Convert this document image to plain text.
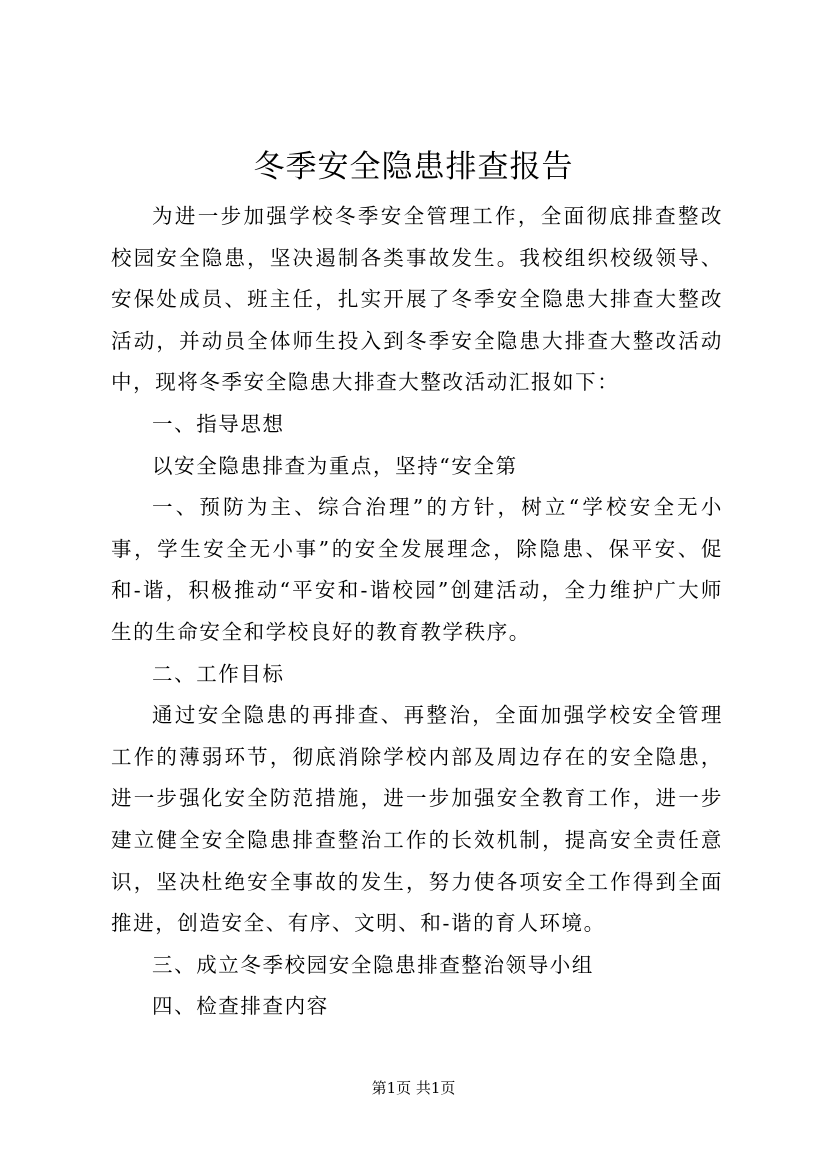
冬季安全隐患排查报告

为进一步加强学校冬季安全管理工作，全面彻底排查整改校园安全隐患，坚决遏制各类事故发生。我校组织校级领导、安保处成员、班主任，扎实开展了冬季安全隐患大排查大整改活动，并动员全体师生投入到冬季安全隐患大排查大整改活动中，现将冬季安全隐患大排查大整改活动汇报如下：

一、指导思想

以安全隐患排查为重点，坚持“安全第

一、预防为主、综合治理”的方针，树立“学校安全无小事，学生安全无小事”的安全发展理念，除隐患、保平安、促和-谐，积极推动“平安和-谐校园”创建活动，全力维护广大师生的生命安全和学校良好的教育教学秩序。

二、工作目标

通过安全隐患的再排查、再整治，全面加强学校安全管理工作的薄弱环节，彻底消除学校内部及周边存在的安全隐患，进一步强化安全防范措施，进一步加强安全教育工作，进一步建立健全安全隐患排查整治工作的长效机制，提高安全责任意识，坚决杜绝安全事故的发生，努力使各项安全工作得到全面推进，创造安全、有序、文明、和-谐的育人环境。

三、成立冬季校园安全隐患排查整治领导小组

四、检查排查内容

第1页 共1页
